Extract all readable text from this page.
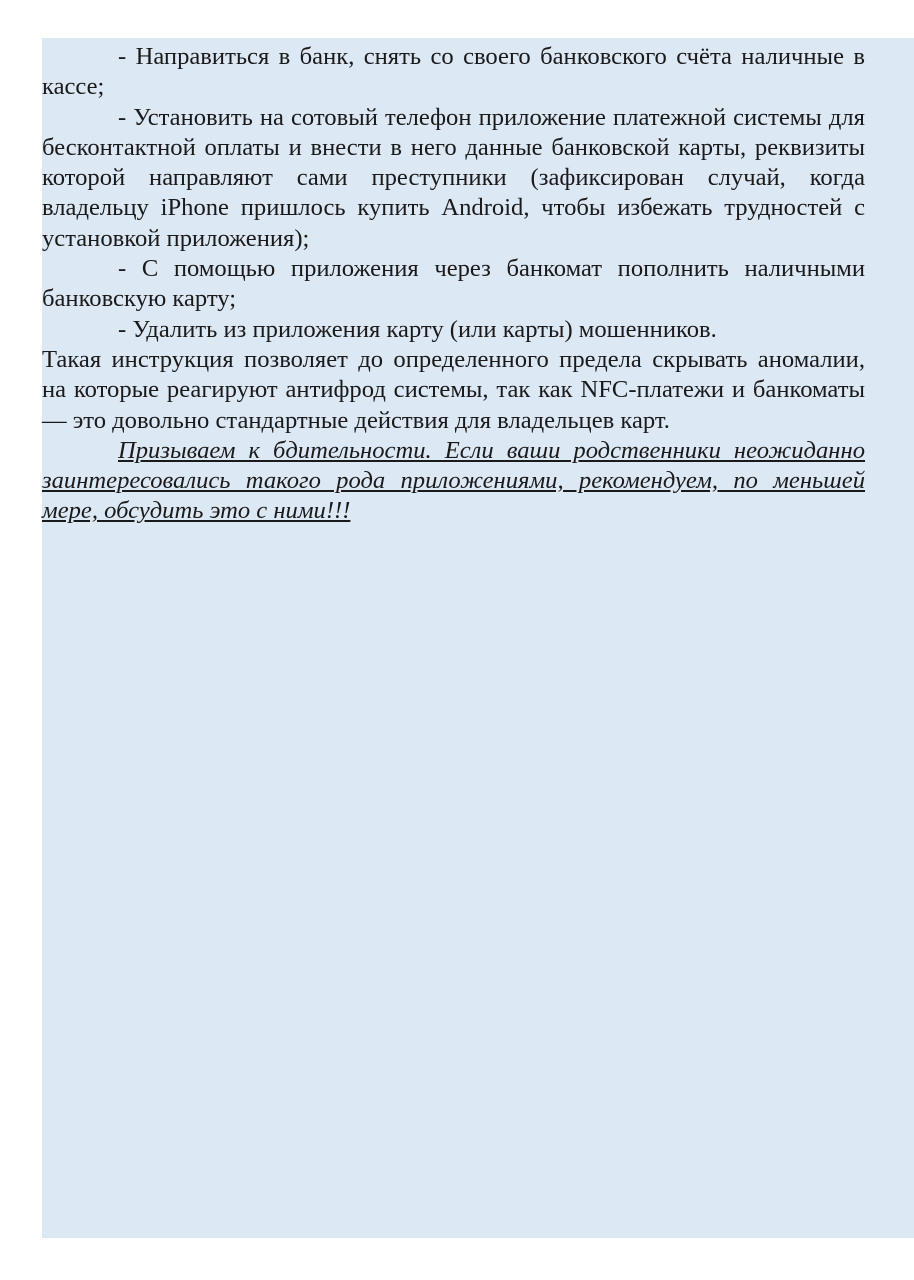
- Направиться в банк, снять со своего банковского счёта наличные в кассе;

- Установить на сотовый телефон приложение платежной системы для бесконтактной оплаты и внести в него данные банковской карты, реквизиты которой направляют сами преступники (зафиксирован случай, когда владельцу iPhone пришлось купить Android, чтобы избежать трудностей с установкой приложения);

- С помощью приложения через банкомат пополнить наличными банковскую карту;

- Удалить из приложения карту (или карты) мошенников.

Такая инструкция позволяет до определенного предела скрывать аномалии, на которые реагируют антифрод системы, так как NFC-платежи и банкоматы — это довольно стандартные действия для владельцев карт.

Призываем к бдительности. Если ваши родственники неожиданно заинтересовались такого рода приложениями, рекомендуем, по меньшей мере, обсудить это с ними!!!
